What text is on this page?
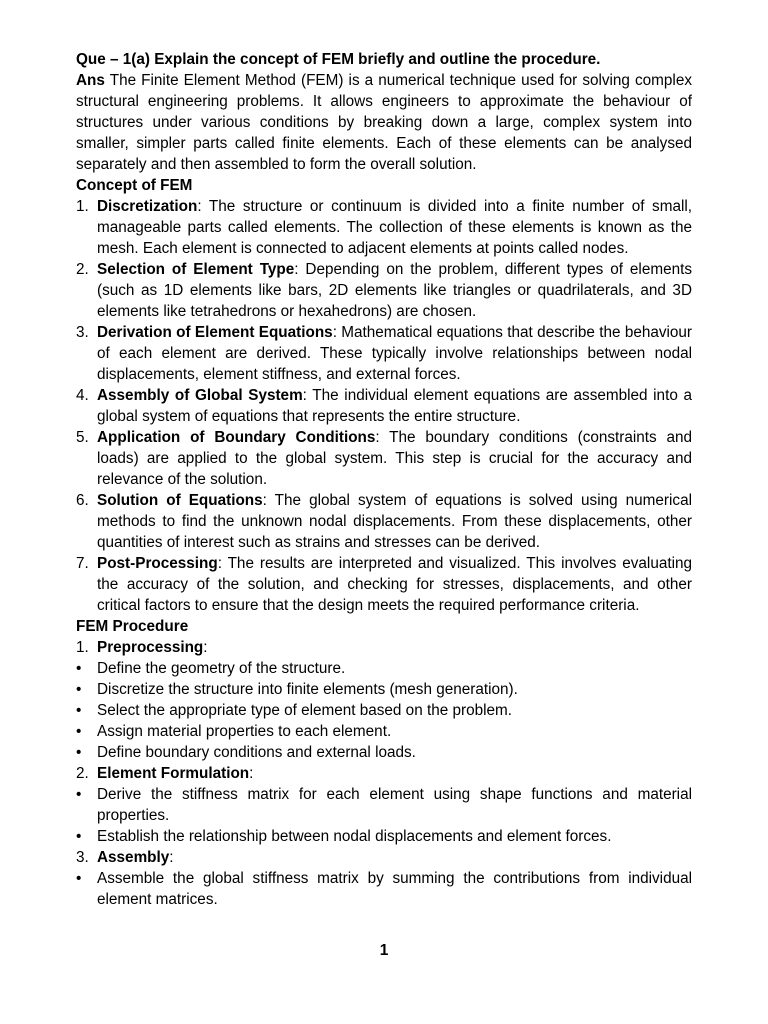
Que – 1(a) Explain the concept of FEM briefly and outline the procedure.

Ans The Finite Element Method (FEM) is a numerical technique used for solving complex structural engineering problems. It allows engineers to approximate the behaviour of structures under various conditions by breaking down a large, complex system into smaller, simpler parts called finite elements. Each of these elements can be analysed separately and then assembled to form the overall solution.

Concept of FEM

1. Discretization: The structure or continuum is divided into a finite number of small, manageable parts called elements. The collection of these elements is known as the mesh. Each element is connected to adjacent elements at points called nodes.
2. Selection of Element Type: Depending on the problem, different types of elements (such as 1D elements like bars, 2D elements like triangles or quadrilaterals, and 3D elements like tetrahedrons or hexahedrons) are chosen.
3. Derivation of Element Equations: Mathematical equations that describe the behaviour of each element are derived. These typically involve relationships between nodal displacements, element stiffness, and external forces.
4. Assembly of Global System: The individual element equations are assembled into a global system of equations that represents the entire structure.
5. Application of Boundary Conditions: The boundary conditions (constraints and loads) are applied to the global system. This step is crucial for the accuracy and relevance of the solution.
6. Solution of Equations: The global system of equations is solved using numerical methods to find the unknown nodal displacements. From these displacements, other quantities of interest such as strains and stresses can be derived.
7. Post-Processing: The results are interpreted and visualized. This involves evaluating the accuracy of the solution, and checking for stresses, displacements, and other critical factors to ensure that the design meets the required performance criteria.

FEM Procedure

1. Preprocessing:
•	Define the geometry of the structure.
•	Discretize the structure into finite elements (mesh generation).
•	Select the appropriate type of element based on the problem.
•	Assign material properties to each element.
•	Define boundary conditions and external loads.
2. Element Formulation:
•	Derive the stiffness matrix for each element using shape functions and material properties.
•	Establish the relationship between nodal displacements and element forces.
3. Assembly:
•	Assemble the global stiffness matrix by summing the contributions from individual element matrices.
1
